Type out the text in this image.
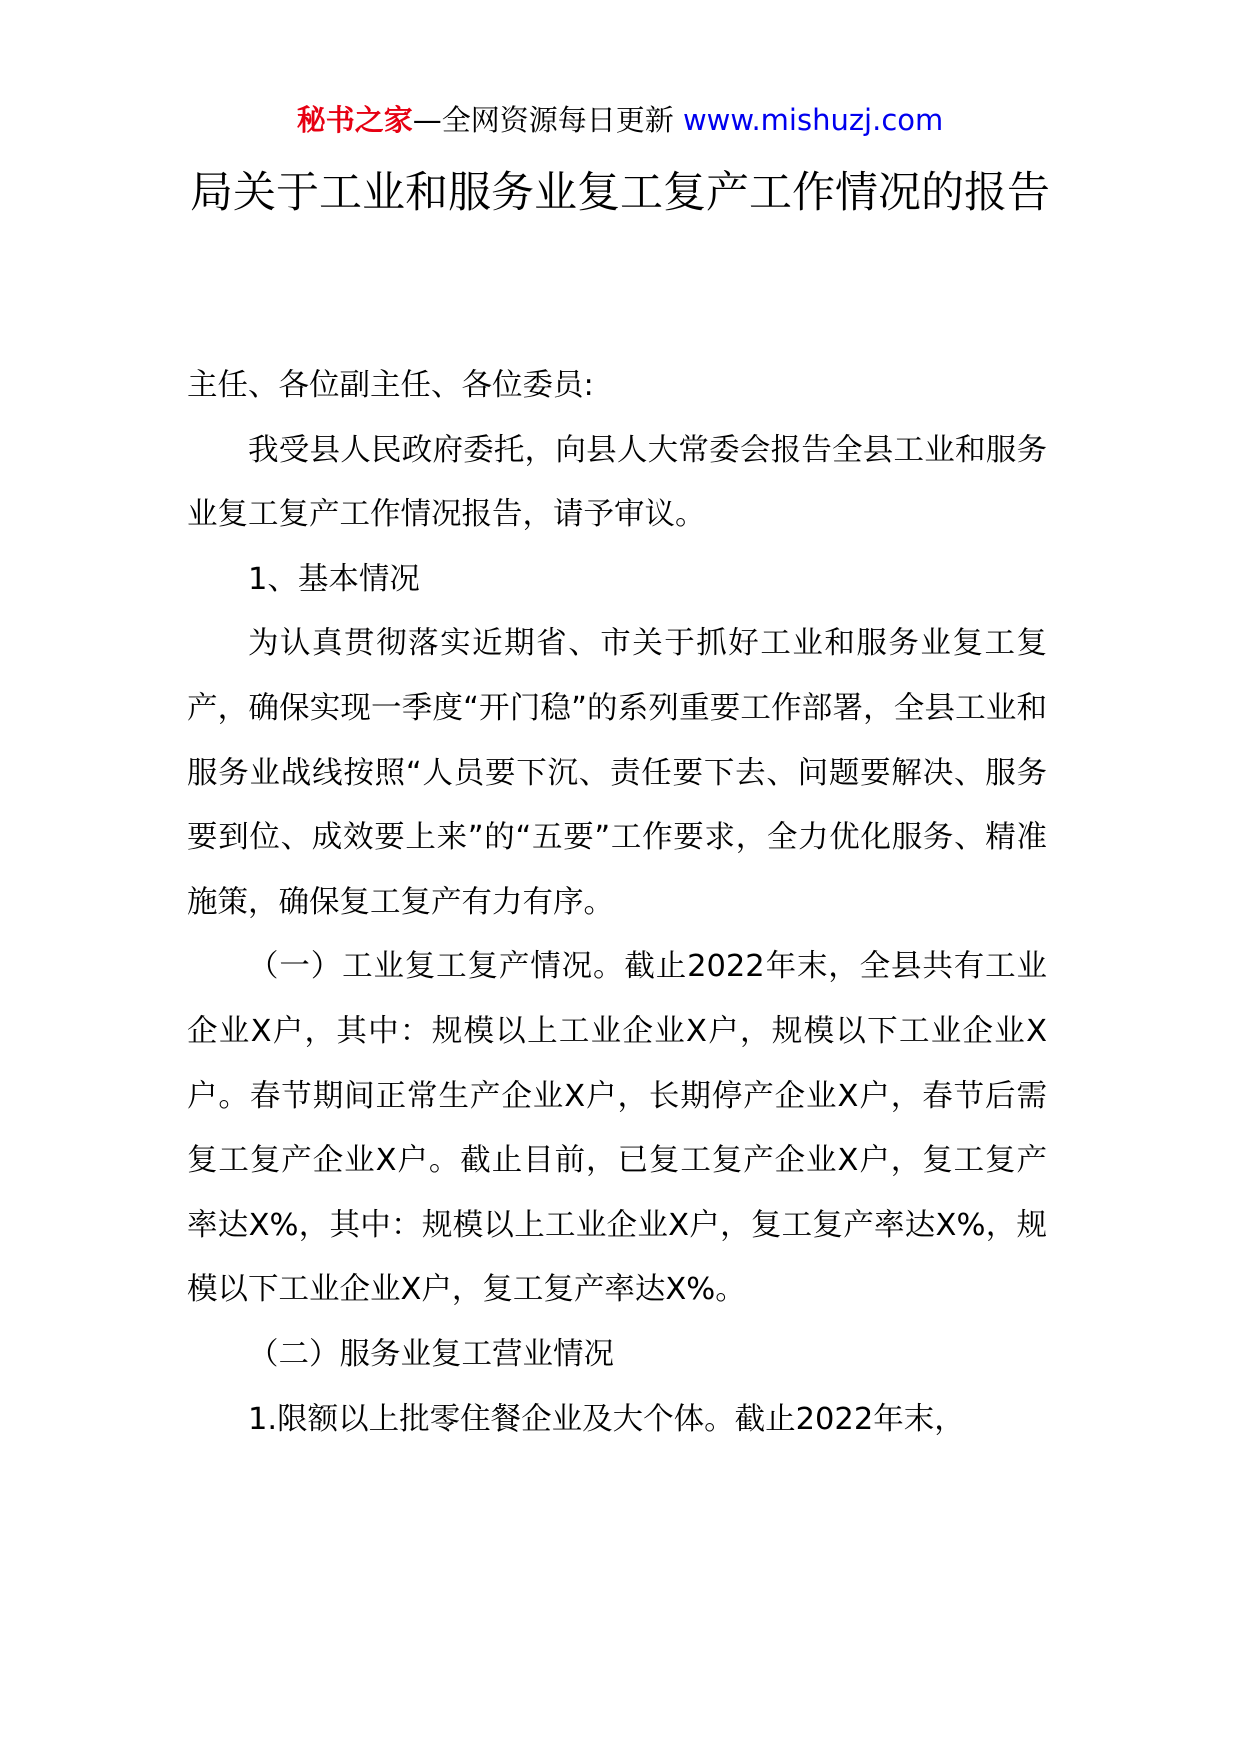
秘书之家—全网资源每日更新 www.mishuzj.com
局关于工业和服务业复工复产工作情况的报告

主任、各位副主任、各位委员:

我受县人民政府委托，向县人大常委会报告全县工业和服务业复工复产工作情况报告，请予审议。

1、基本情况

为认真贯彻落实近期省、市关于抓好工业和服务业复工复产，确保实现一季度“开门稳”的系列重要工作部署，全县工业和服务业战线按照“人员要下沉、责任要下去、问题要解决、服务要到位、成效要上来”的“五要”工作要求，全力优化服务、精准施策，确保复工复产有力有序。

（一）工业复工复产情况。截止2022年末，全县共有工业企业X户，其中：规模以上工业企业X户，规模以下工业企业X户。春节期间正常生产企业X户，长期停产企业X户，春节后需复工复产企业X户。截止目前，已复工复产企业X户，复工复产率达X%，其中：规模以上工业企业X户，复工复产率达X%，规模以下工业企业X户，复工复产率达X%。

（二）服务业复工营业情况

1.限额以上批零住餐企业及大个体。截止2022年末，
